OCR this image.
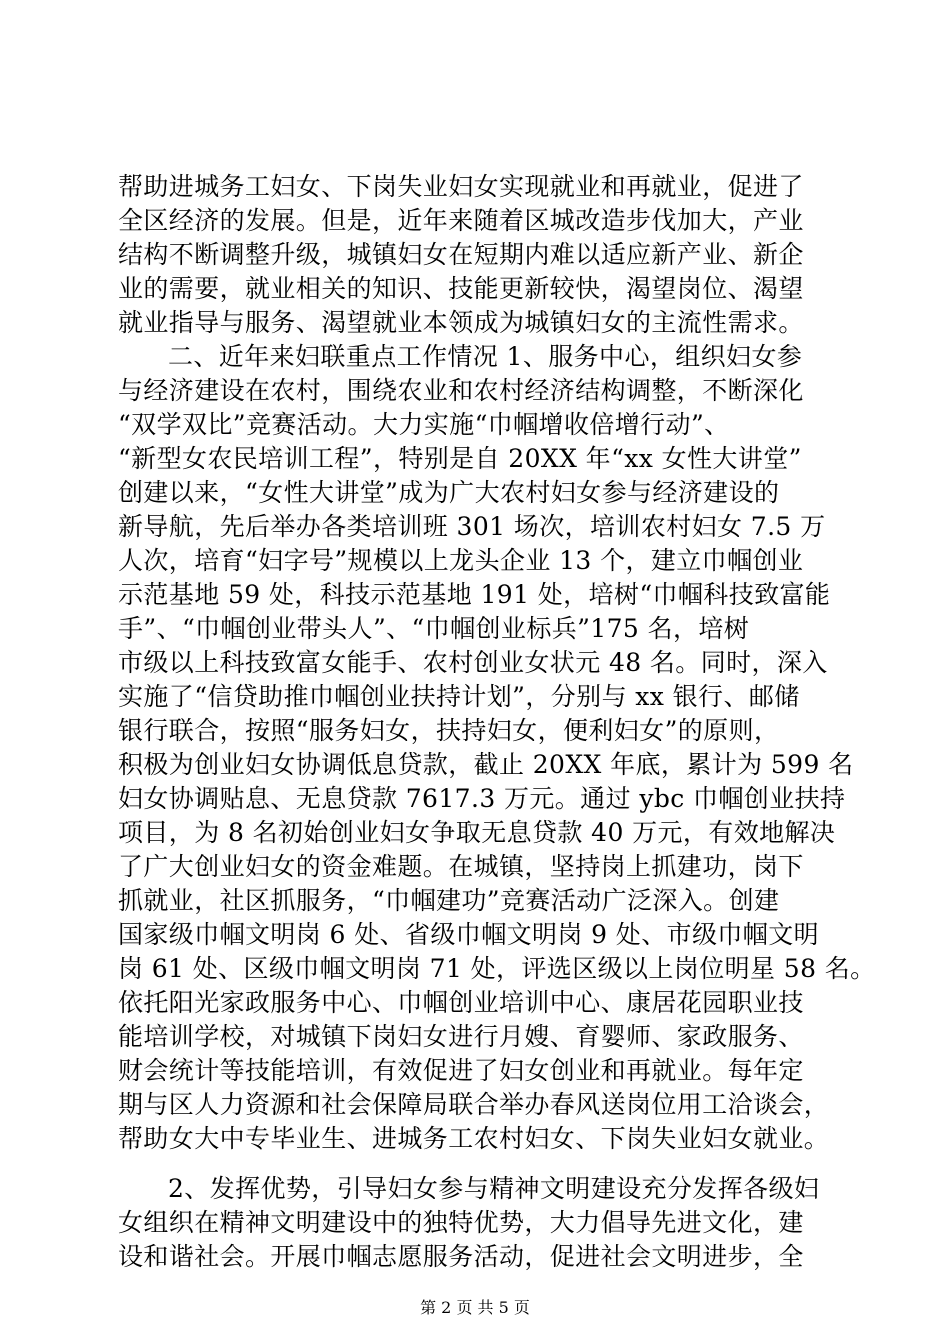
帮助进城务工妇女、下岗失业妇女实现就业和再就业，促进了
全区经济的发展。但是，近年来随着区城改造步伐加大，产业
结构不断调整升级，城镇妇女在短期内难以适应新产业、新企
业的需要，就业相关的知识、技能更新较快，渴望岗位、渴望
就业指导与服务、渴望就业本领成为城镇妇女的主流性需求。
二、近年来妇联重点工作情况 1、服务中心，组织妇女参
与经济建设在农村，围绕农业和农村经济结构调整，不断深化
“双学双比”竞赛活动。大力实施“巾帼增收倍增行动”、
“新型女农民培训工程”，特别是自 20XX 年“xx 女性大讲堂”
创建以来，“女性大讲堂”成为广大农村妇女参与经济建设的
新导航，先后举办各类培训班 301 场次，培训农村妇女 7.5 万
人次，培育“妇字号”规模以上龙头企业 13 个，建立巾帼创业
示范基地 59 处，科技示范基地 191 处，培树“巾帼科技致富能
手”、“巾帼创业带头人”、“巾帼创业标兵”175 名，培树
市级以上科技致富女能手、农村创业女状元 48 名。同时，深入
实施了“信贷助推巾帼创业扶持计划”，分别与 xx 银行、邮储
银行联合，按照“服务妇女，扶持妇女，便利妇女”的原则，
积极为创业妇女协调低息贷款，截止 20XX 年底，累计为 599 名
妇女协调贴息、无息贷款 7617.3 万元。通过 ybc 巾帼创业扶持
项目，为 8 名初始创业妇女争取无息贷款 40 万元，有效地解决
了广大创业妇女的资金难题。在城镇，坚持岗上抓建功，岗下
抓就业，社区抓服务，“巾帼建功”竞赛活动广泛深入。创建
国家级巾帼文明岗 6 处、省级巾帼文明岗 9 处、市级巾帼文明
岗 61 处、区级巾帼文明岗 71 处，评选区级以上岗位明星 58 名。
依托阳光家政服务中心、巾帼创业培训中心、康居花园职业技
能培训学校，对城镇下岗妇女进行月嫂、育婴师、家政服务、
财会统计等技能培训，有效促进了妇女创业和再就业。每年定
期与区人力资源和社会保障局联合举办春风送岗位用工洽谈会，
帮助女大中专毕业生、进城务工农村妇女、下岗失业妇女就业。
2、发挥优势，引导妇女参与精神文明建设充分发挥各级妇
女组织在精神文明建设中的独特优势，大力倡导先进文化，建
设和谐社会。开展巾帼志愿服务活动，促进社会文明进步，全
第 2 页 共 5 页
